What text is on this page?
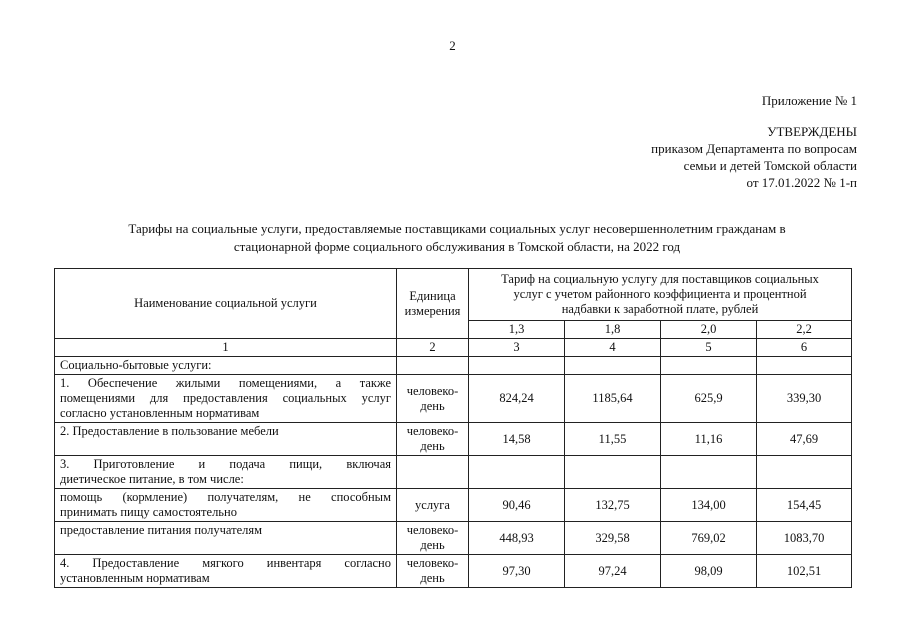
2
Приложение № 1
УТВЕРЖДЕНЫ
приказом Департамента по вопросам
семьи и детей Томской области
от 17.01.2022 № 1-п
Тарифы на социальные услуги, предоставляемые поставщиками социальных услуг несовершеннолетним гражданам в
стационарной форме социального обслуживания в Томской области, на 2022 год
Наименование социальной услуги	Единица
измерения	Тариф на социальную услугу для поставщиков социальных
услуг с учетом районного коэффициента и процентной
надбавки к заработной плате, рублей			

		1,3	1,8	2,0	2,2
1	2	3	4	5	6
Социально-бытовые услуги:					

1. Обеспечение жилыми помещениями, а также
помещениями для предоставления социальных услуг
согласно установленным нормативам	человеко-
день	824,24	1185,64	625,9	339,30

2. Предоставление в пользование мебели	человеко-
день	14,58	11,55	11,16	47,69

3. Приготовление и подача пищи, включая
диетическое питание, в том числе:					

помощь (кормление) получателям, не способным
принимать пищу самостоятельно	услуга	90,46	132,75	134,00	154,45

предоставление питания получателям	человеко-
день	448,93	329,58	769,02	1083,70

4. Предоставление мягкого инвентаря согласно
установленным нормативам	человеко-
день	97,30	97,24	98,09	102,51
